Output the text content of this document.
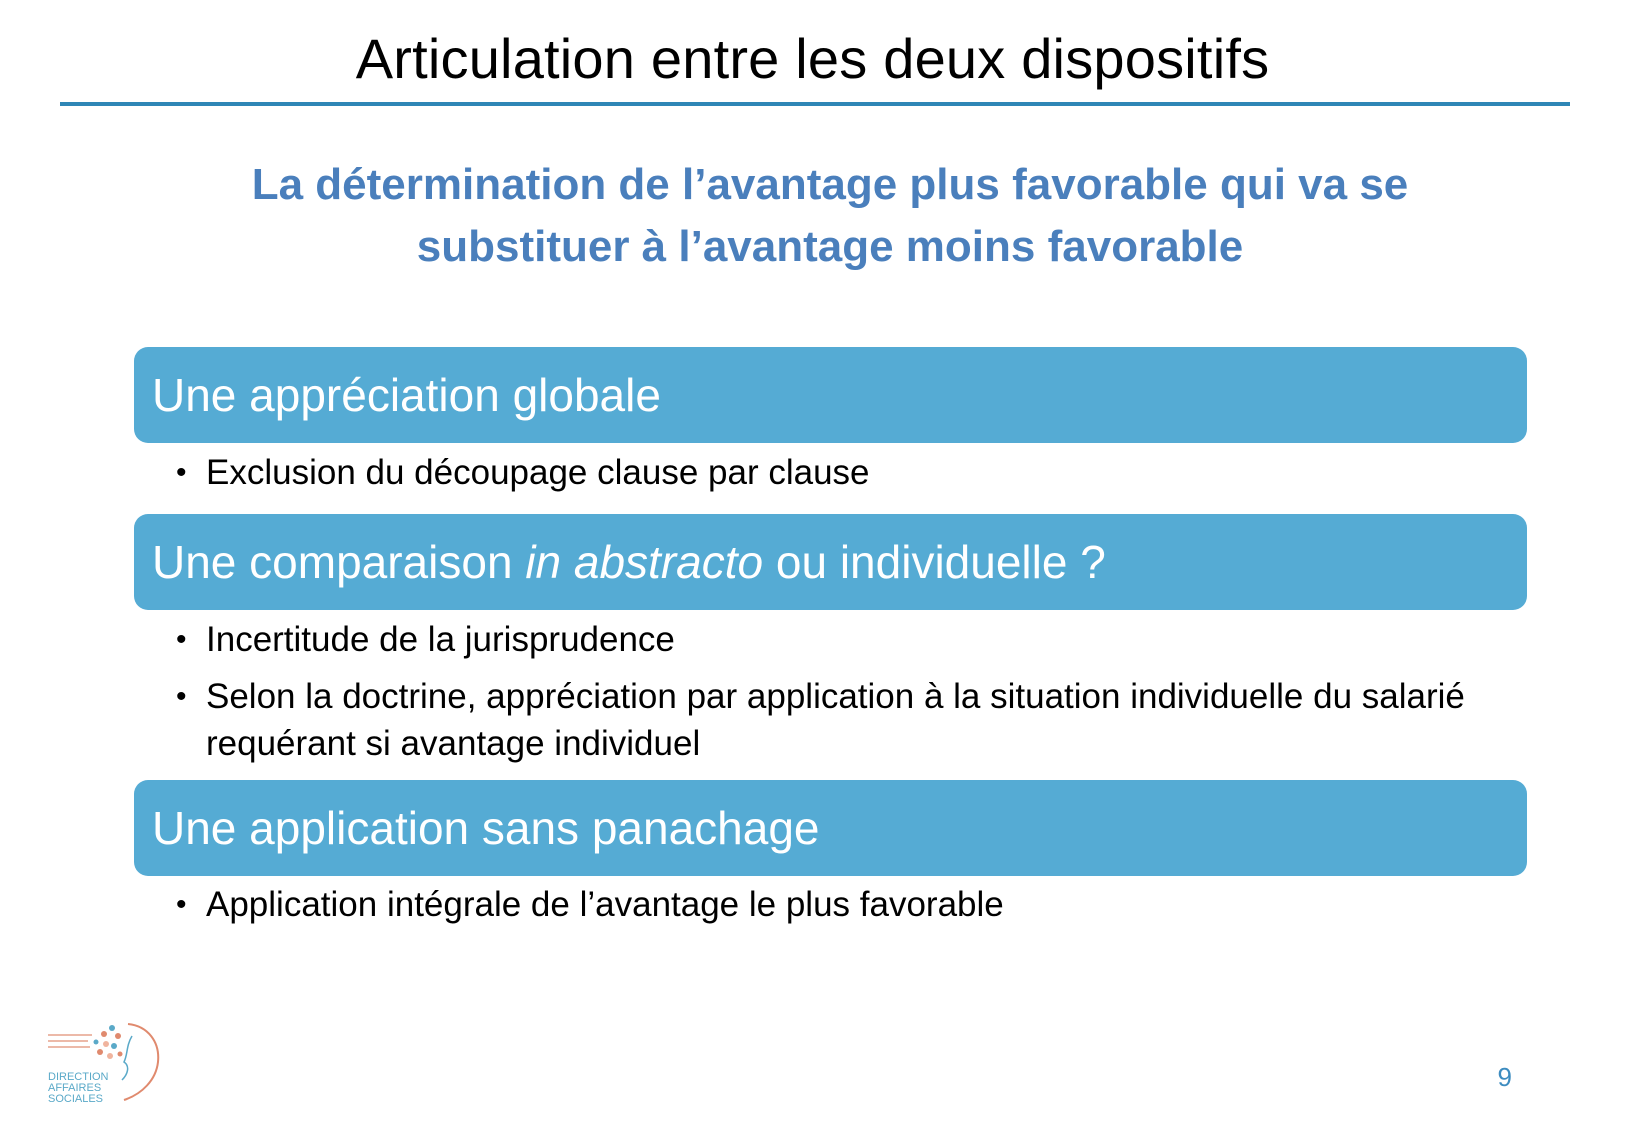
Articulation entre les deux dispositifs
La détermination de l’avantage plus favorable qui va se
substituer à l’avantage moins favorable
Une appréciation globale
• Exclusion du découpage clause par clause
Une comparaison in abstracto ou individuelle ?
• Incertitude de la jurisprudence
• Selon la doctrine, appréciation par application à la situation individuelle du salarié requérant si avantage individuel
Une application sans panachage
• Application intégrale de l’avantage le plus favorable
DIRECTION
AFFAIRES
SOCIALES
9
